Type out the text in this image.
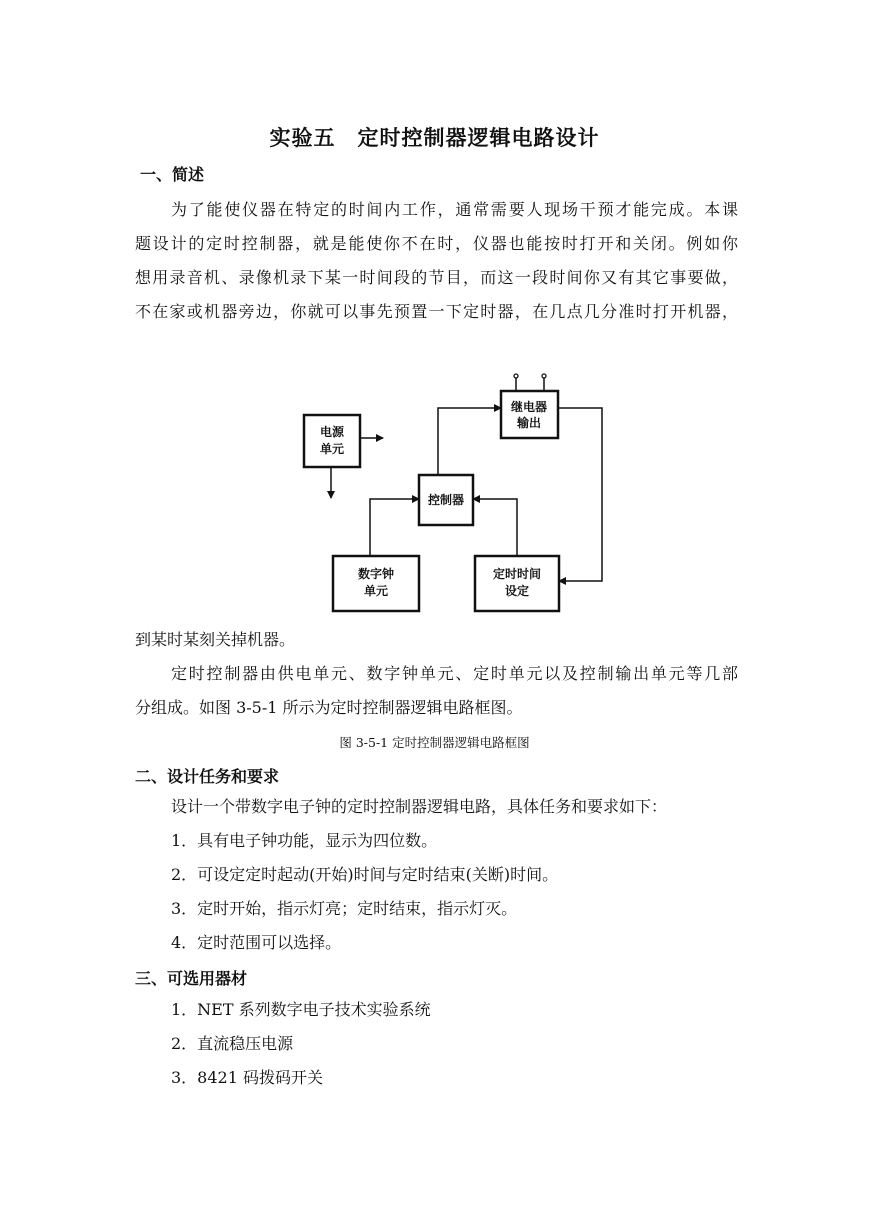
实验五　定时控制器逻辑电路设计
一、简述
为了能使仪器在特定的时间内工作，通常需要人现场干预才能完成。本课
题设计的定时控制器，就是能使你不在时，仪器也能按时打开和关闭。例如你
想用录音机、录像机录下某一时间段的节目，而这一段时间你又有其它事要做，
不在家或机器旁边，你就可以事先预置一下定时器，在几点几分准时打开机器，
电源
单元
继电器
输出
控制器
数字钟
单元
定时时间
设定
到某时某刻关掉机器。
定时控制器由供电单元、数字钟单元、定时单元以及控制输出单元等几部
分组成。如图 3-5-1 所示为定时控制器逻辑电路框图。
图 3-5-1 定时控制器逻辑电路框图
二、设计任务和要求
设计一个带数字电子钟的定时控制器逻辑电路，具体任务和要求如下：
1．具有电子钟功能，显示为四位数。
2．可设定定时起动(开始)时间与定时结束(关断)时间。
3．定时开始，指示灯亮；定时结束，指示灯灭。
4．定时范围可以选择。
三、可选用器材
1．NET 系列数字电子技术实验系统
2．直流稳压电源
3．8421 码拨码开关
